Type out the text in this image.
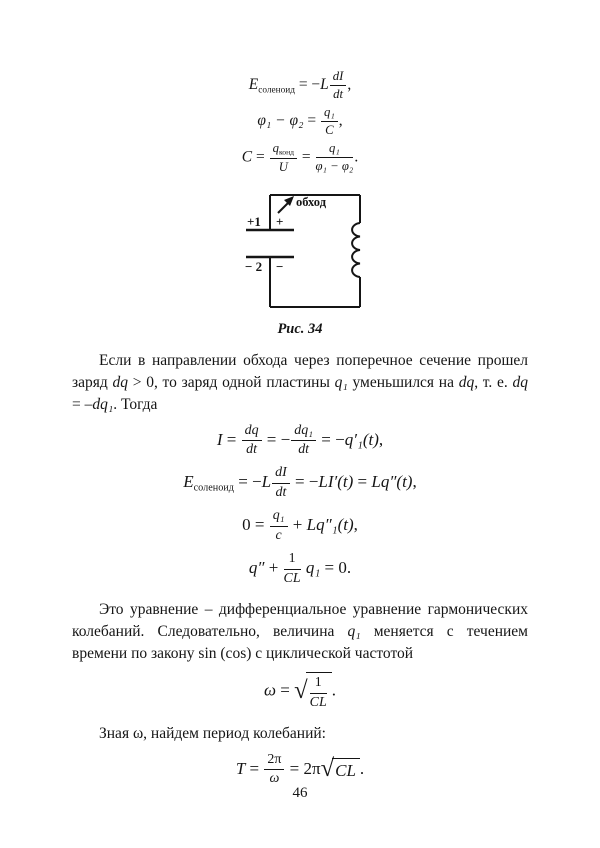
$E_{соленоид} = -L \frac{dI}{dt}$ ,
$\varphi_1 - \varphi_2 = \frac{\text{q₁}}{C}$ ,
$C = \frac{q_{конд}}{U} = \frac{\text{q₁}}{\text{φ₁ − φ₂}}$ .
обход
+1 +
− 2 −
Рис. 34

Если в направлении обхода через поперечное сечение прошел заряд dq > 0, то заряд одной пластины q₁ уменьшился на dq, т. е. dq = –dq₁. Тогда

$I = \frac{dq}{dt}$ = − $\frac{\text{dq₁}}{dt} = -q'_1(t)$,
$E_{соленоид} = -L \frac{dI}{dt} = -LI'(t) = Lq''(t)$,
$0 = \frac{\text{q₁}}{c} + Lq''_1(t)$,
$q'' + \frac{1}{CL} q_1 = 0$.

Это уравнение – дифференциальное уравнение гармонических колебаний. Следовательно, величина q₁ меняется с течением времени по закону sin (cos) с циклической частотой

ω = √ $\frac{1}{CL}$ .

Зная ω, найдем период колебаний:

$T = \frac{2\pi}{\omega} = 2\pi√CL$ .
46
